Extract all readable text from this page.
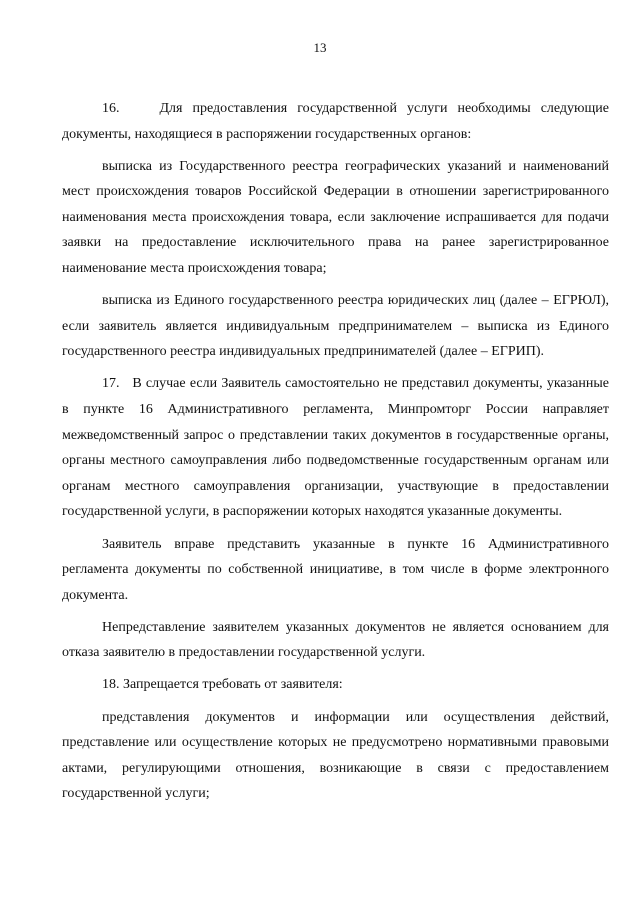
13

16.    Для предоставления государственной услуги необходимы следующие документы, находящиеся в распоряжении государственных органов:

выписка из Государственного реестра географических указаний и наименований мест происхождения товаров Российской Федерации в отношении зарегистрированного наименования места происхождения товара, если заключение испрашивается для подачи заявки на предоставление исключительного права на ранее зарегистрированное наименование места происхождения товара;

выписка из Единого государственного реестра юридических лиц (далее – ЕГРЮЛ), если заявитель является индивидуальным предпринимателем – выписка из Единого государственного реестра индивидуальных предпринимателей (далее – ЕГРИП).

17.   В случае если Заявитель самостоятельно не представил документы, указанные в пункте 16 Административного регламента, Минпромторг России направляет межведомственный запрос о представлении таких документов в государственные органы, органы местного самоуправления либо подведомственные государственным органам или органам местного самоуправления организации, участвующие в предоставлении государственной услуги, в распоряжении которых находятся указанные документы.

Заявитель вправе представить указанные в пункте 16 Административного регламента документы по собственной инициативе, в том числе в форме электронного документа.

Непредставление заявителем указанных документов не является основанием для отказа заявителю в предоставлении государственной услуги.

18. Запрещается требовать от заявителя:

представления документов и информации или осуществления действий, представление или осуществление которых не предусмотрено нормативными правовыми актами, регулирующими отношения, возникающие в связи с предоставлением государственной услуги;
